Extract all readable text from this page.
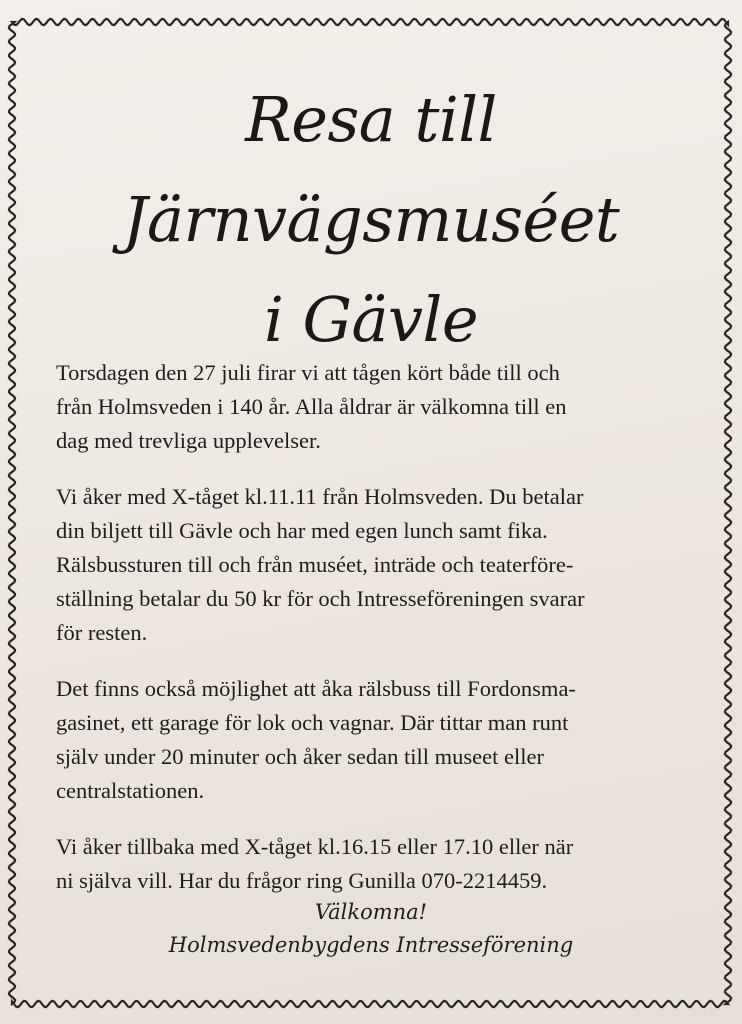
Resa till
Järnvägsmuséet
i Gävle

Torsdagen den 27 juli firar vi att tågen kört både till och
från Holmsveden i 140 år. Alla åldrar är välkomna till en
dag med trevliga upplevelser.

Vi åker med X-tåget kl.11.11 från Holmsveden. Du betalar
din biljett till Gävle och har med egen lunch samt fika.
Rälsbussturen till och från muséet, inträde och teaterföre-
ställning betalar du 50 kr för och Intresseföreningen svarar
för resten.

Det finns också möjlighet att åka rälsbuss till Fordonsma-
gasinet, ett garage för lok och vagnar. Där tittar man runt
själv under 20 minuter och åker sedan till museet eller
centralstationen.

Vi åker tillbaka med X-tåget kl.16.15 eller 17.10 eller när
ni själva vill. Har du frågor ring Gunilla 070-2214459.

Välkomna!
Holmsvedenbygdens Intresseförening
